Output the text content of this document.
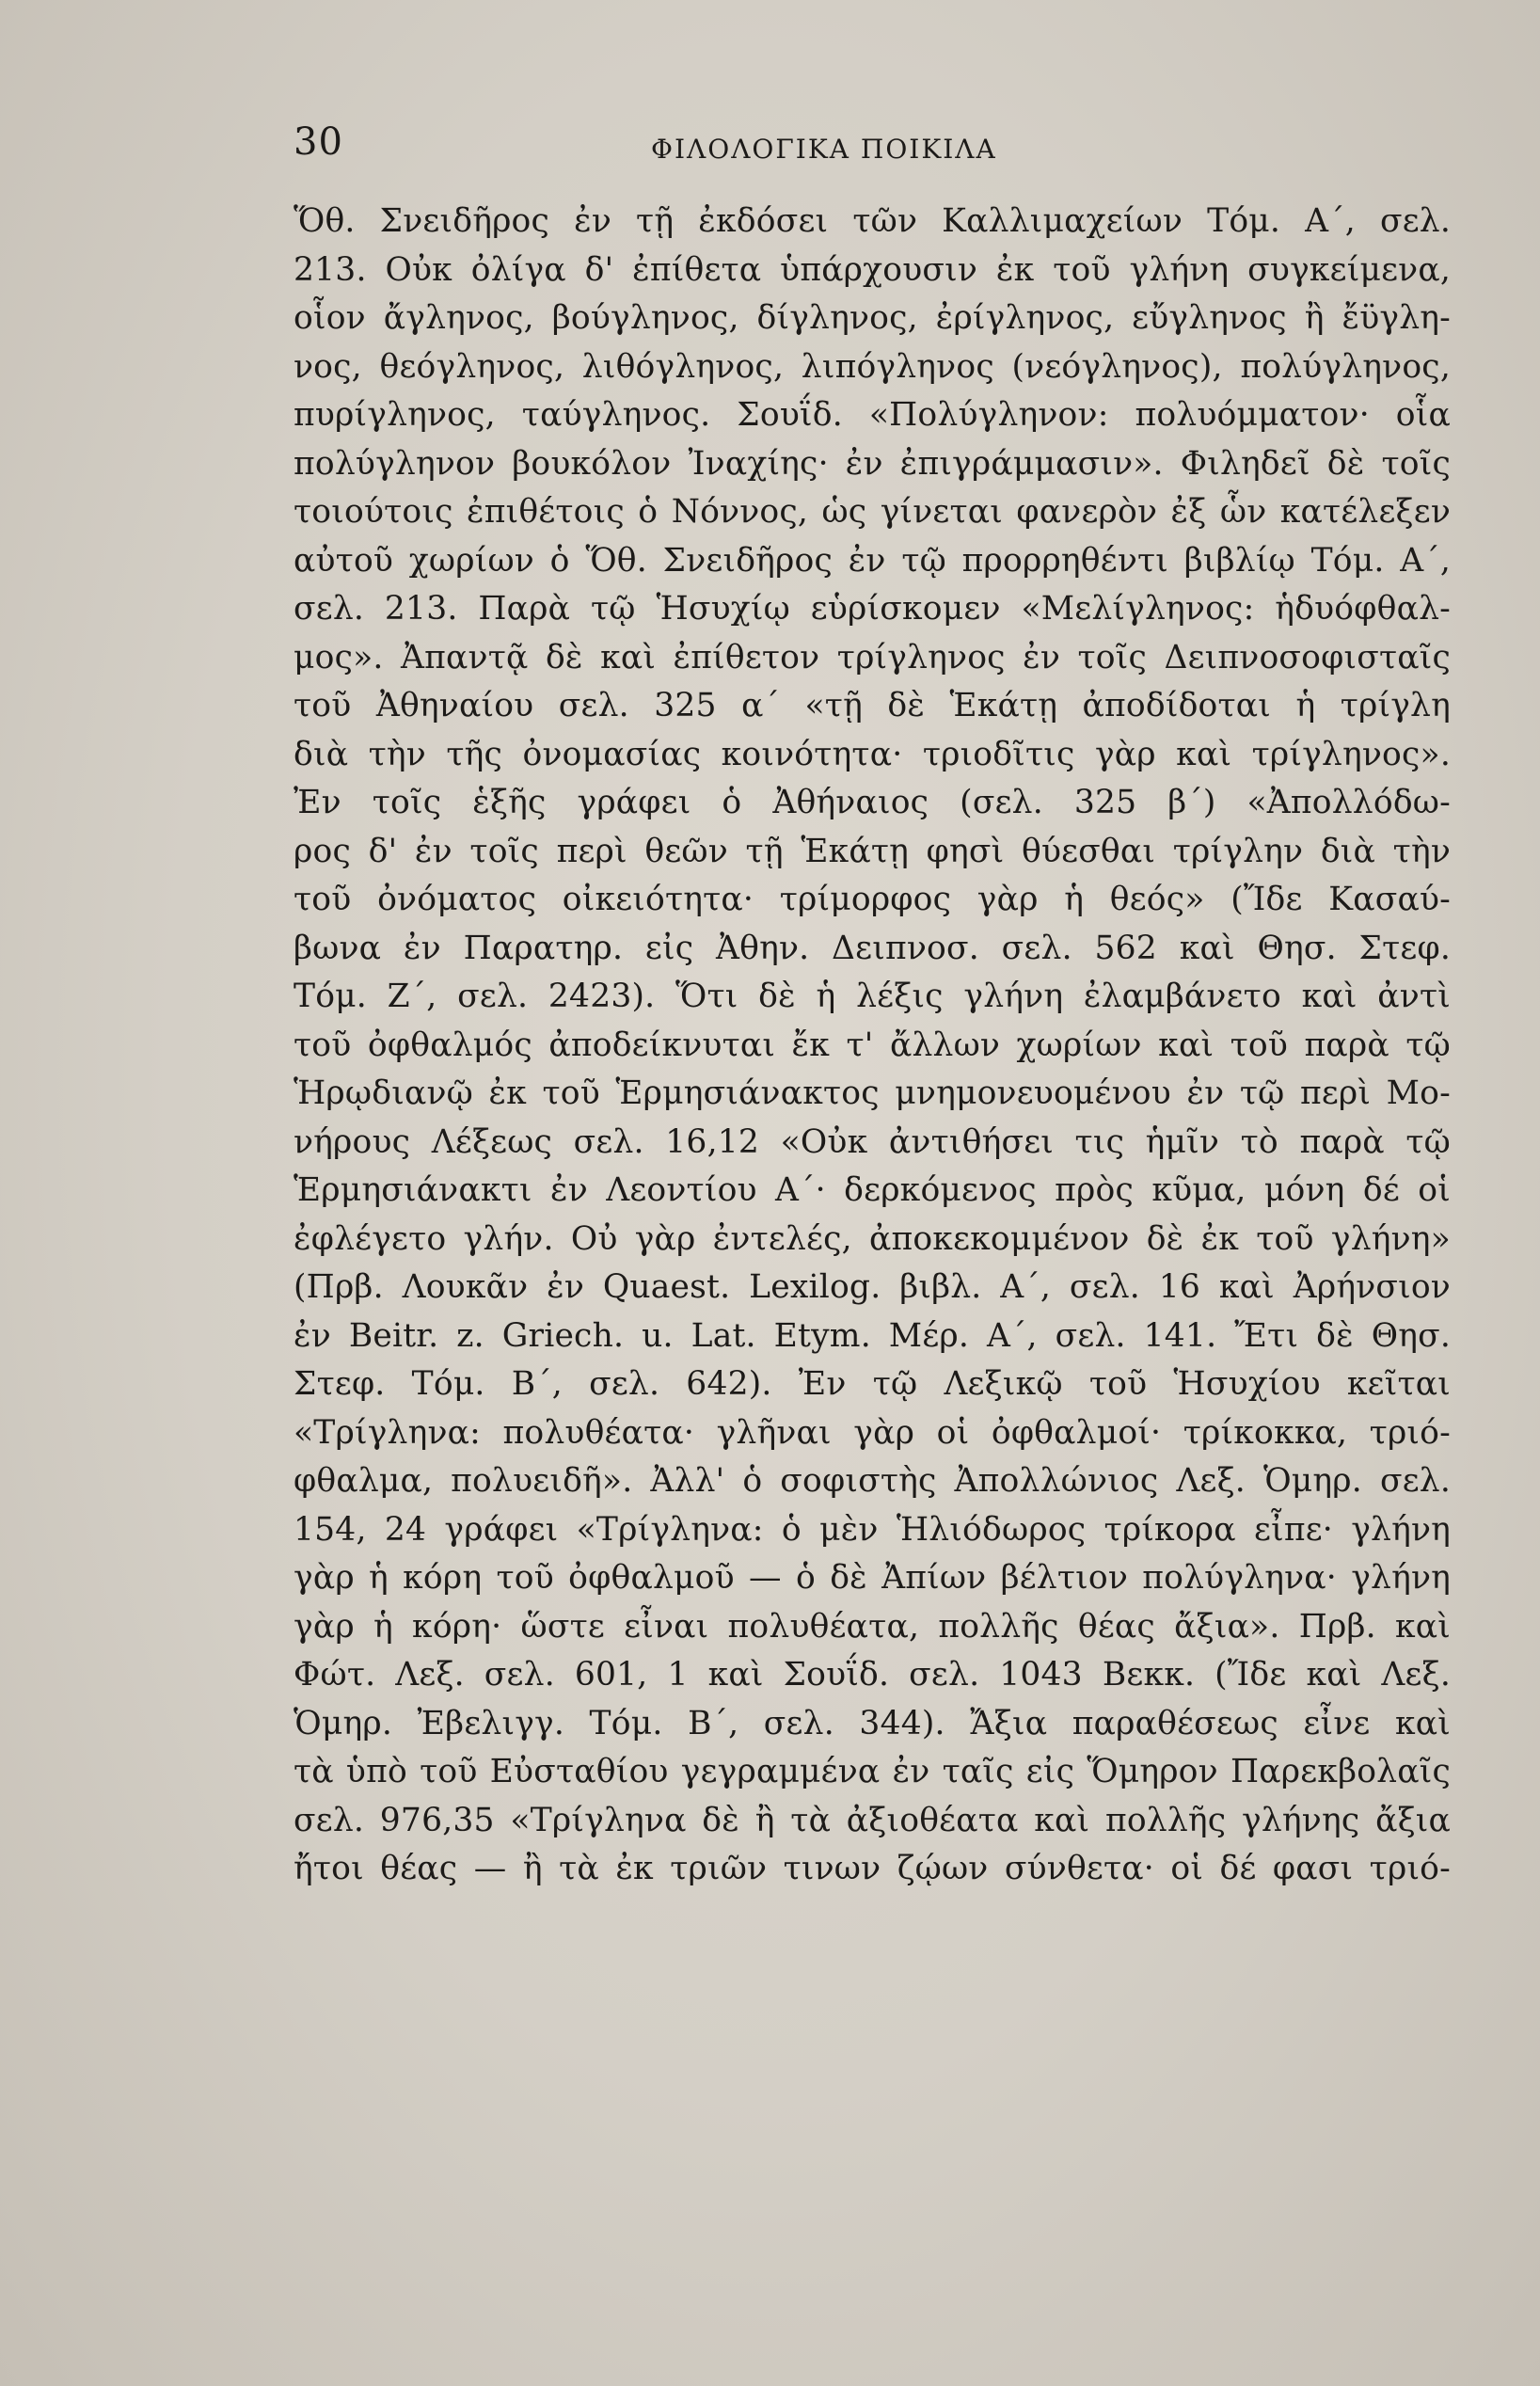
30	ΦΙΛΟΛΟΓΙΚΑ ΠΟΙΚΙΛΑ
Ὅθ. Σνειδῆρος ἐν τῇ ἐκδόσει τῶν Καλλιμαχείων Τόμ. Α΄, σελ.
213. Οὐκ ὀλίγα δ' ἐπίθετα ὑπάρχουσιν ἐκ τοῦ γλήνη συγκείμενα,
οἷον ἄγληνος, βούγληνος, δίγληνος, ἐρίγληνος, εὔγληνος ἢ ἔϋγλη-
νος, θεόγληνος, λιθόγληνος, λιπόγληνος (νεόγληνος), πολύγληνος,
πυρίγληνος, ταύγληνος. Σουΐδ. «Πολύγληνον: πολυόμματον· οἷα
πολύγληνον βουκόλον Ἰναχίης· ἐν ἐπιγράμμασιν». Φιληδεῖ δὲ τοῖς
τοιούτοις ἐπιθέτοις ὁ Νόννος, ὡς γίνεται φανερὸν ἐξ ὧν κατέλεξεν
αὐτοῦ χωρίων ὁ Ὅθ. Σνειδῆρος ἐν τῷ προρρηθέντι βιβλίῳ Τόμ. Α΄,
σελ. 213. Παρὰ τῷ Ἡσυχίῳ εὑρίσκομεν «Μελίγληνος: ἡδυόφθαλ-
μος». Ἀπαντᾷ δὲ καὶ ἐπίθετον τρίγληνος ἐν τοῖς Δειπνοσοφισταῖς
τοῦ Ἀθηναίου σελ. 325 α΄ «τῇ δὲ Ἑκάτῃ ἀποδίδοται ἡ τρίγλη
διὰ τὴν τῆς ὀνομασίας κοινότητα· τριοδῖτις γὰρ καὶ τρίγληνος».
Ἐν τοῖς ἑξῆς γράφει ὁ Ἀθήναιος (σελ. 325 β΄) «Ἀπολλόδω-
ρος δ' ἐν τοῖς περὶ θεῶν τῇ Ἑκάτῃ φησὶ θύεσθαι τρίγλην διὰ τὴν
τοῦ ὀνόματος οἰκειότητα· τρίμορφος γὰρ ἡ θεός» (Ἴδε Κασαύ-
βωνα ἐν Παρατηρ. εἰς Ἀθην. Δειπνοσ. σελ. 562 καὶ Θησ. Στεφ.
Τόμ. Ζ΄, σελ. 2423). Ὅτι δὲ ἡ λέξις γλήνη ἐλαμβάνετο καὶ ἀντὶ
τοῦ ὀφθαλμός ἀποδείκνυται ἔκ τ' ἄλλων χωρίων καὶ τοῦ παρὰ τῷ
Ἡρῳδιανῷ ἐκ τοῦ Ἑρμησιάνακτος μνημονευομένου ἐν τῷ περὶ Μο-
νήρους Λέξεως σελ. 16,12 «Οὐκ ἀντιθήσει τις ἡμῖν τὸ παρὰ τῷ
Ἑρμησιάνακτι ἐν Λεοντίου Α΄· δερκόμενος πρὸς κῦμα, μόνη δέ οἱ
ἐφλέγετο γλήν. Οὐ γὰρ ἐντελές, ἀποκεκομμένον δὲ ἐκ τοῦ γλήνη»
(Πρβ. Λουκᾶν ἐν Quaest. Lexilog. βιβλ. Α΄, σελ. 16 καὶ Ἀρήνσιον
ἐν Beitr. z. Griech. u. Lat. Etym. Μέρ. Α΄, σελ. 141. Ἔτι δὲ Θησ.
Στεφ. Τόμ. Β΄, σελ. 642). Ἐν τῷ Λεξικῷ τοῦ Ἡσυχίου κεῖται
«Τρίγληνα: πολυθέατα· γλῆναι γὰρ οἱ ὀφθαλμοί· τρίκοκκα, τριό-
φθαλμα, πολυειδῆ». Ἀλλ' ὁ σοφιστὴς Ἀπολλώνιος Λεξ. Ὁμηρ. σελ.
154, 24 γράφει «Τρίγληνα: ὁ μὲν Ἡλιόδωρος τρίκορα εἶπε· γλήνη
γὰρ ἡ κόρη τοῦ ὀφθαλμοῦ — ὁ δὲ Ἀπίων βέλτιον πολύγληνα· γλήνη
γὰρ ἡ κόρη· ὥστε εἶναι πολυθέατα, πολλῆς θέας ἄξια». Πρβ. καὶ
Φώτ. Λεξ. σελ. 601, 1 καὶ Σουΐδ. σελ. 1043 Βεκκ. (Ἴδε καὶ Λεξ.
Ὁμηρ. Ἐβελιγγ. Τόμ. Β΄, σελ. 344). Ἄξια παραθέσεως εἶνε καὶ
τὰ ὑπὸ τοῦ Εὐσταθίου γεγραμμένα ἐν ταῖς εἰς Ὅμηρον Παρεκβολαῖς
σελ. 976,35 «Τρίγληνα δὲ ἢ τὰ ἀξιοθέατα καὶ πολλῆς γλήνης ἄξια
ἤτοι θέας — ἢ τὰ ἐκ τριῶν τινων ζῴων σύνθετα· οἱ δέ φασι τριό-
